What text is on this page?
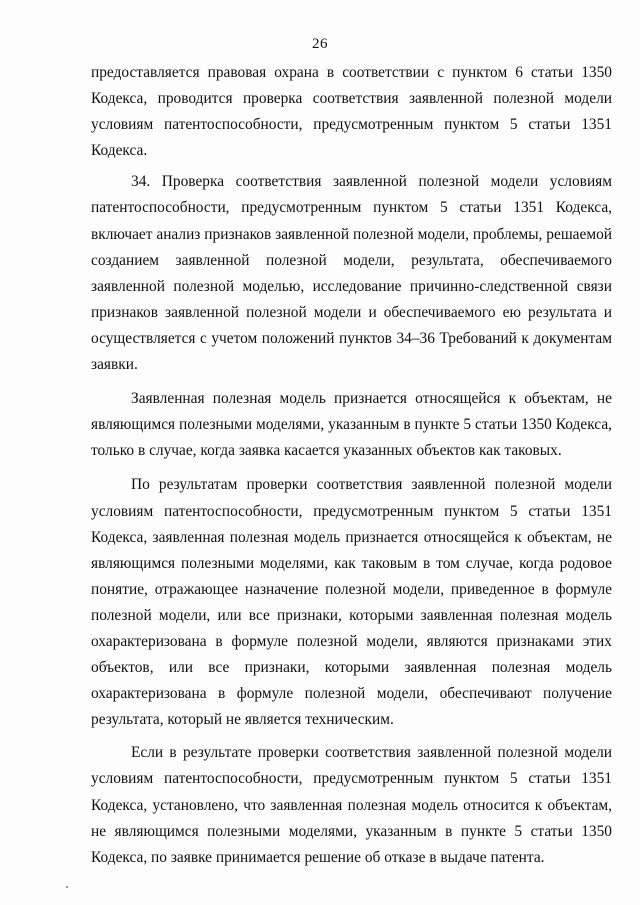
26

предоставляется правовая охрана в соответствии с пунктом 6 статьи 1350 Кодекса, проводится проверка соответствия заявленной полезной модели условиям патентоспособности, предусмотренным пунктом 5 статьи 1351 Кодекса.

34. Проверка соответствия заявленной полезной модели условиям патентоспособности, предусмотренным пунктом 5 статьи 1351 Кодекса, включает анализ признаков заявленной полезной модели, проблемы, решаемой созданием заявленной полезной модели, результата, обеспечиваемого заявленной полезной моделью, исследование причинно-следственной связи признаков заявленной полезной модели и обеспечиваемого ею результата и осуществляется с учетом положений пунктов 34–36 Требований к документам заявки.

Заявленная полезная модель признается относящейся к объектам, не являющимся полезными моделями, указанным в пункте 5 статьи 1350 Кодекса, только в случае, когда заявка касается указанных объектов как таковых.

По результатам проверки соответствия заявленной полезной модели условиям патентоспособности, предусмотренным пунктом 5 статьи 1351 Кодекса, заявленная полезная модель признается относящейся к объектам, не являющимся полезными моделями, как таковым в том случае, когда родовое понятие, отражающее назначение полезной модели, приведенное в формуле полезной модели, или все признаки, которыми заявленная полезная модель охарактеризована в формуле полезной модели, являются признаками этих объектов, или все признаки, которыми заявленная полезная модель охарактеризована в формуле полезной модели, обеспечивают получение результата, который не является техническим.

Если в результате проверки соответствия заявленной полезной модели условиям патентоспособности, предусмотренным пунктом 5 статьи 1351 Кодекса, установлено, что заявленная полезная модель относится к объектам, не являющимся полезными моделями, указанным в пункте 5 статьи 1350 Кодекса, по заявке принимается решение об отказе в выдаче патента.
